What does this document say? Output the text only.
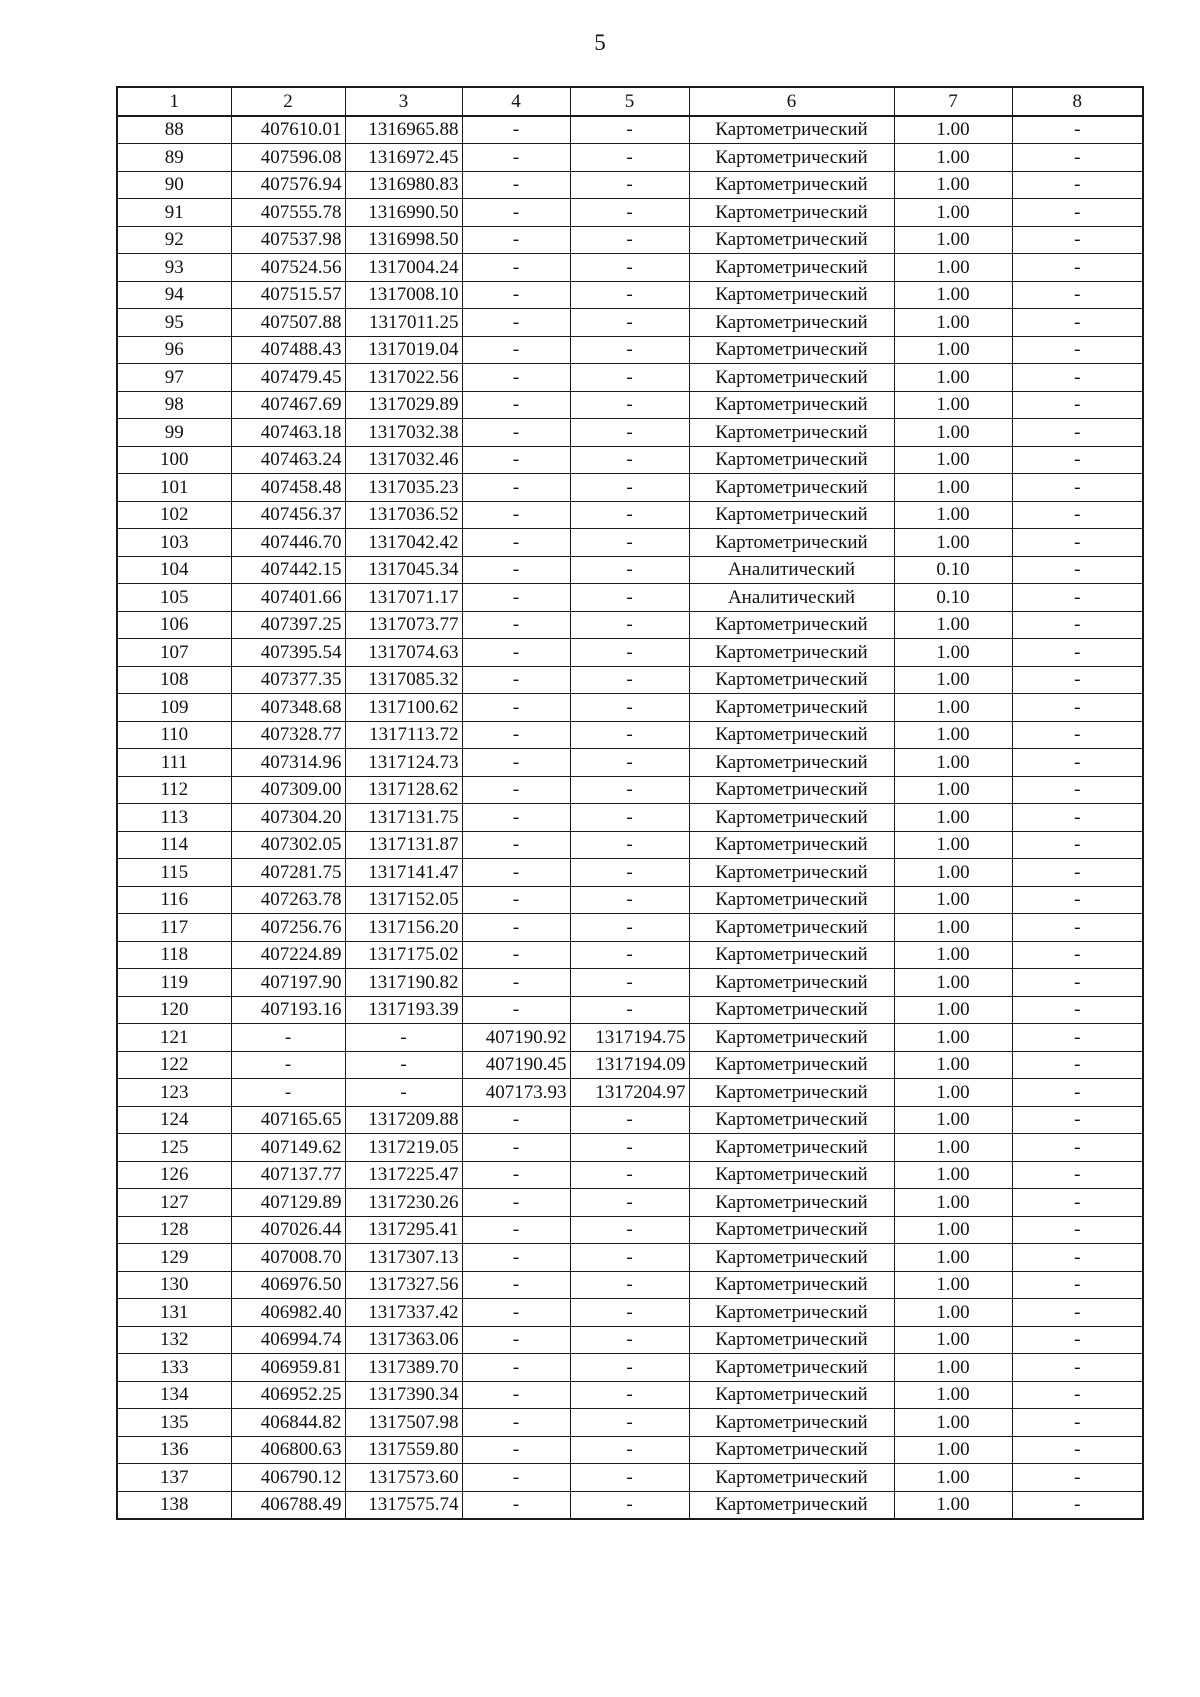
5
1	2	3	4	5	6	7	8
88	407610.01	1316965.88	-	-	Картометрический	1.00	-
89	407596.08	1316972.45	-	-	Картометрический	1.00	-
90	407576.94	1316980.83	-	-	Картометрический	1.00	-
91	407555.78	1316990.50	-	-	Картометрический	1.00	-
92	407537.98	1316998.50	-	-	Картометрический	1.00	-
93	407524.56	1317004.24	-	-	Картометрический	1.00	-
94	407515.57	1317008.10	-	-	Картометрический	1.00	-
95	407507.88	1317011.25	-	-	Картометрический	1.00	-
96	407488.43	1317019.04	-	-	Картометрический	1.00	-
97	407479.45	1317022.56	-	-	Картометрический	1.00	-
98	407467.69	1317029.89	-	-	Картометрический	1.00	-
99	407463.18	1317032.38	-	-	Картометрический	1.00	-
100	407463.24	1317032.46	-	-	Картометрический	1.00	-
101	407458.48	1317035.23	-	-	Картометрический	1.00	-
102	407456.37	1317036.52	-	-	Картометрический	1.00	-
103	407446.70	1317042.42	-	-	Картометрический	1.00	-
104	407442.15	1317045.34	-	-	Аналитический	0.10	-
105	407401.66	1317071.17	-	-	Аналитический	0.10	-
106	407397.25	1317073.77	-	-	Картометрический	1.00	-
107	407395.54	1317074.63	-	-	Картометрический	1.00	-
108	407377.35	1317085.32	-	-	Картометрический	1.00	-
109	407348.68	1317100.62	-	-	Картометрический	1.00	-
110	407328.77	1317113.72	-	-	Картометрический	1.00	-
111	407314.96	1317124.73	-	-	Картометрический	1.00	-
112	407309.00	1317128.62	-	-	Картометрический	1.00	-
113	407304.20	1317131.75	-	-	Картометрический	1.00	-
114	407302.05	1317131.87	-	-	Картометрический	1.00	-
115	407281.75	1317141.47	-	-	Картометрический	1.00	-
116	407263.78	1317152.05	-	-	Картометрический	1.00	-
117	407256.76	1317156.20	-	-	Картометрический	1.00	-
118	407224.89	1317175.02	-	-	Картометрический	1.00	-
119	407197.90	1317190.82	-	-	Картометрический	1.00	-
120	407193.16	1317193.39	-	-	Картометрический	1.00	-
121	-	-	407190.92	1317194.75	Картометрический	1.00	-
122	-	-	407190.45	1317194.09	Картометрический	1.00	-
123	-	-	407173.93	1317204.97	Картометрический	1.00	-
124	407165.65	1317209.88	-	-	Картометрический	1.00	-
125	407149.62	1317219.05	-	-	Картометрический	1.00	-
126	407137.77	1317225.47	-	-	Картометрический	1.00	-
127	407129.89	1317230.26	-	-	Картометрический	1.00	-
128	407026.44	1317295.41	-	-	Картометрический	1.00	-
129	407008.70	1317307.13	-	-	Картометрический	1.00	-
130	406976.50	1317327.56	-	-	Картометрический	1.00	-
131	406982.40	1317337.42	-	-	Картометрический	1.00	-
132	406994.74	1317363.06	-	-	Картометрический	1.00	-
133	406959.81	1317389.70	-	-	Картометрический	1.00	-
134	406952.25	1317390.34	-	-	Картометрический	1.00	-
135	406844.82	1317507.98	-	-	Картометрический	1.00	-
136	406800.63	1317559.80	-	-	Картометрический	1.00	-
137	406790.12	1317573.60	-	-	Картометрический	1.00	-
138	406788.49	1317575.74	-	-	Картометрический	1.00	-
